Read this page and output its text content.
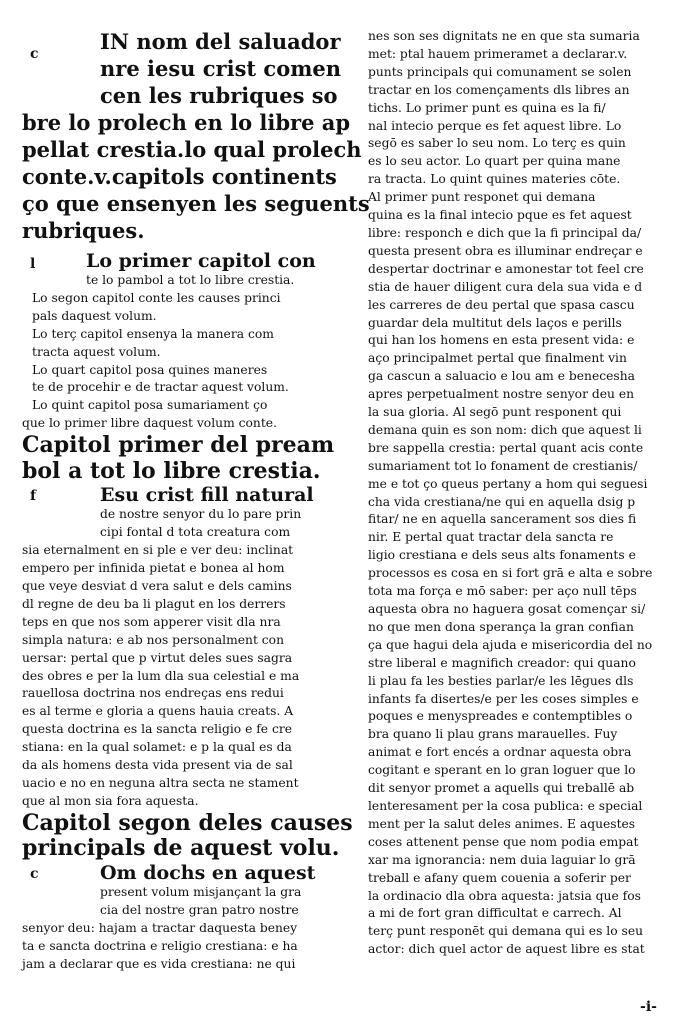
c	IN nom del saluador
nre iesu crist comen
cen les rubriques so
bre lo prolech en lo libre ap
pellat crestia.lo qual prolech
conte.v.capitols continents
ço que ensenyen les seguents
rubriques.
l	Lo primer capitol con
te lo pambol a tot lo libre crestia.
Lo segon capitol conte les causes princi
pals daquest volum.
Lo terç capitol ensenya la manera com
tracta aquest volum.
Lo quart capitol posa quines maneres
te de procehir e de tractar aquest volum.
Lo quint capitol posa sumariament ço
que lo primer libre daquest volum conte.
Capitol primer del pream
bol a tot lo libre crestia.
f	Esu crist fill natural
de nostre senyor du lo pare prin
cipi fontal d tota creatura com
sia eternalment en si ple e ver deu: inclinat
empero per infinida pietat e bonea al hom
que veye desviat d vera salut e dels camins
dl regne de deu ba li plagut en los derrers
teps en que nos som apperer visit dla nra
simpla natura: e ab nos personalment con
uersar: pertal que p virtut deles sues sagra
des obres e per la lum dla sua celestial e ma
rauellosa doctrina nos endreças ens redui
es al terme e gloria a quens hauia creats. A
questa doctrina es la sancta religio e fe cre
stiana: en la qual solamet: e p la qual es da
da als homens desta vida present via de sal
uacio e no en neguna altra secta ne stament
que al mon sia fora aquesta.
Capitol segon deles causes
principals de aquest volu.
c	Om dochs en aquest
present volum misjançant la gra
cia del nostre gran patro nostre
senyor deu: hajam a tractar daquesta beney
ta e sancta doctrina e religio crestiana: e ha
jam a declarar que es vida crestiana: ne qui
nes son ses dignitats ne en que sta sumaria
met: ptal hauem primeramet a declarar.v.
punts principals qui comunament se solen
tractar en los començaments dls libres an
tichs. Lo primer punt es quina es la fi/
nal intecio perque es fet aquest libre. Lo
segō es saber lo seu nom. Lo terç es quin
es lo seu actor. Lo quart per quina mane
ra tracta. Lo quint quines materies cōte.
Al primer punt responet qui demana
quina es la final intecio pque es fet aquest
libre: responch e dich que la fi principal da/
questa present obra es illuminar endreçar e
despertar doctrinar e amonestar tot feel cre
stia de hauer diligent cura dela sua vida e d
les carreres de deu pertal que spasa cascu
guardar dela multitut dels laços e perills
qui han los homens en esta present vida: e
aço principalmet pertal que finalment vin
ga cascun a saluacio e lou am e benecesha
apres perpetualment nostre senyor deu en
la sua gloria. Al segō punt responent qui
demana quin es son nom: dich que aquest li
bre sappella crestia: pertal quant acis conte
sumariament tot lo fonament de crestianis/
me e tot ço queus pertany a hom qui seguesi
cha vida crestiana/ne qui en aquella dsig p
fitar/ ne en aquella sancerament sos dies fi
nir. E pertal quat tractar dela sancta re
ligio crestiana e dels seus alts fonaments e
processos es cosa en si fort grā e alta e sobre
tota ma força e mō saber: per aço null tēps
aquesta obra no haguera gosat començar si/
no que men dona sperança la gran confian
ça que hagui dela ajuda e misericordia del no
stre liberal e magnifich creador: qui quano
li plau fa les besties parlar/e les lēgues dls
infants fa disertes/e per les coses simples e
poques e menyspreades e contemptibles o
bra quano li plau grans marauelles. Fuy
animat e fort encés a ordnar aquesta obra
cogitant e sperant en lo gran loguer que lo
dit senyor promet a aquells qui treballē ab
lenteresament per la cosa publica: e special
ment per la salut deles animes. E aquestes
coses attenent pense que nom podia empat
xar ma ignorancia: nem duia laguiar lo grā
treball e afany quem couenia a soferir per
la ordinacio dla obra aquesta: jatsia que fos
a mi de fort gran difficultat e carrech. Al
terç punt responēt qui demana qui es lo seu
actor: dich quel actor de aquest libre es stat
-i-
